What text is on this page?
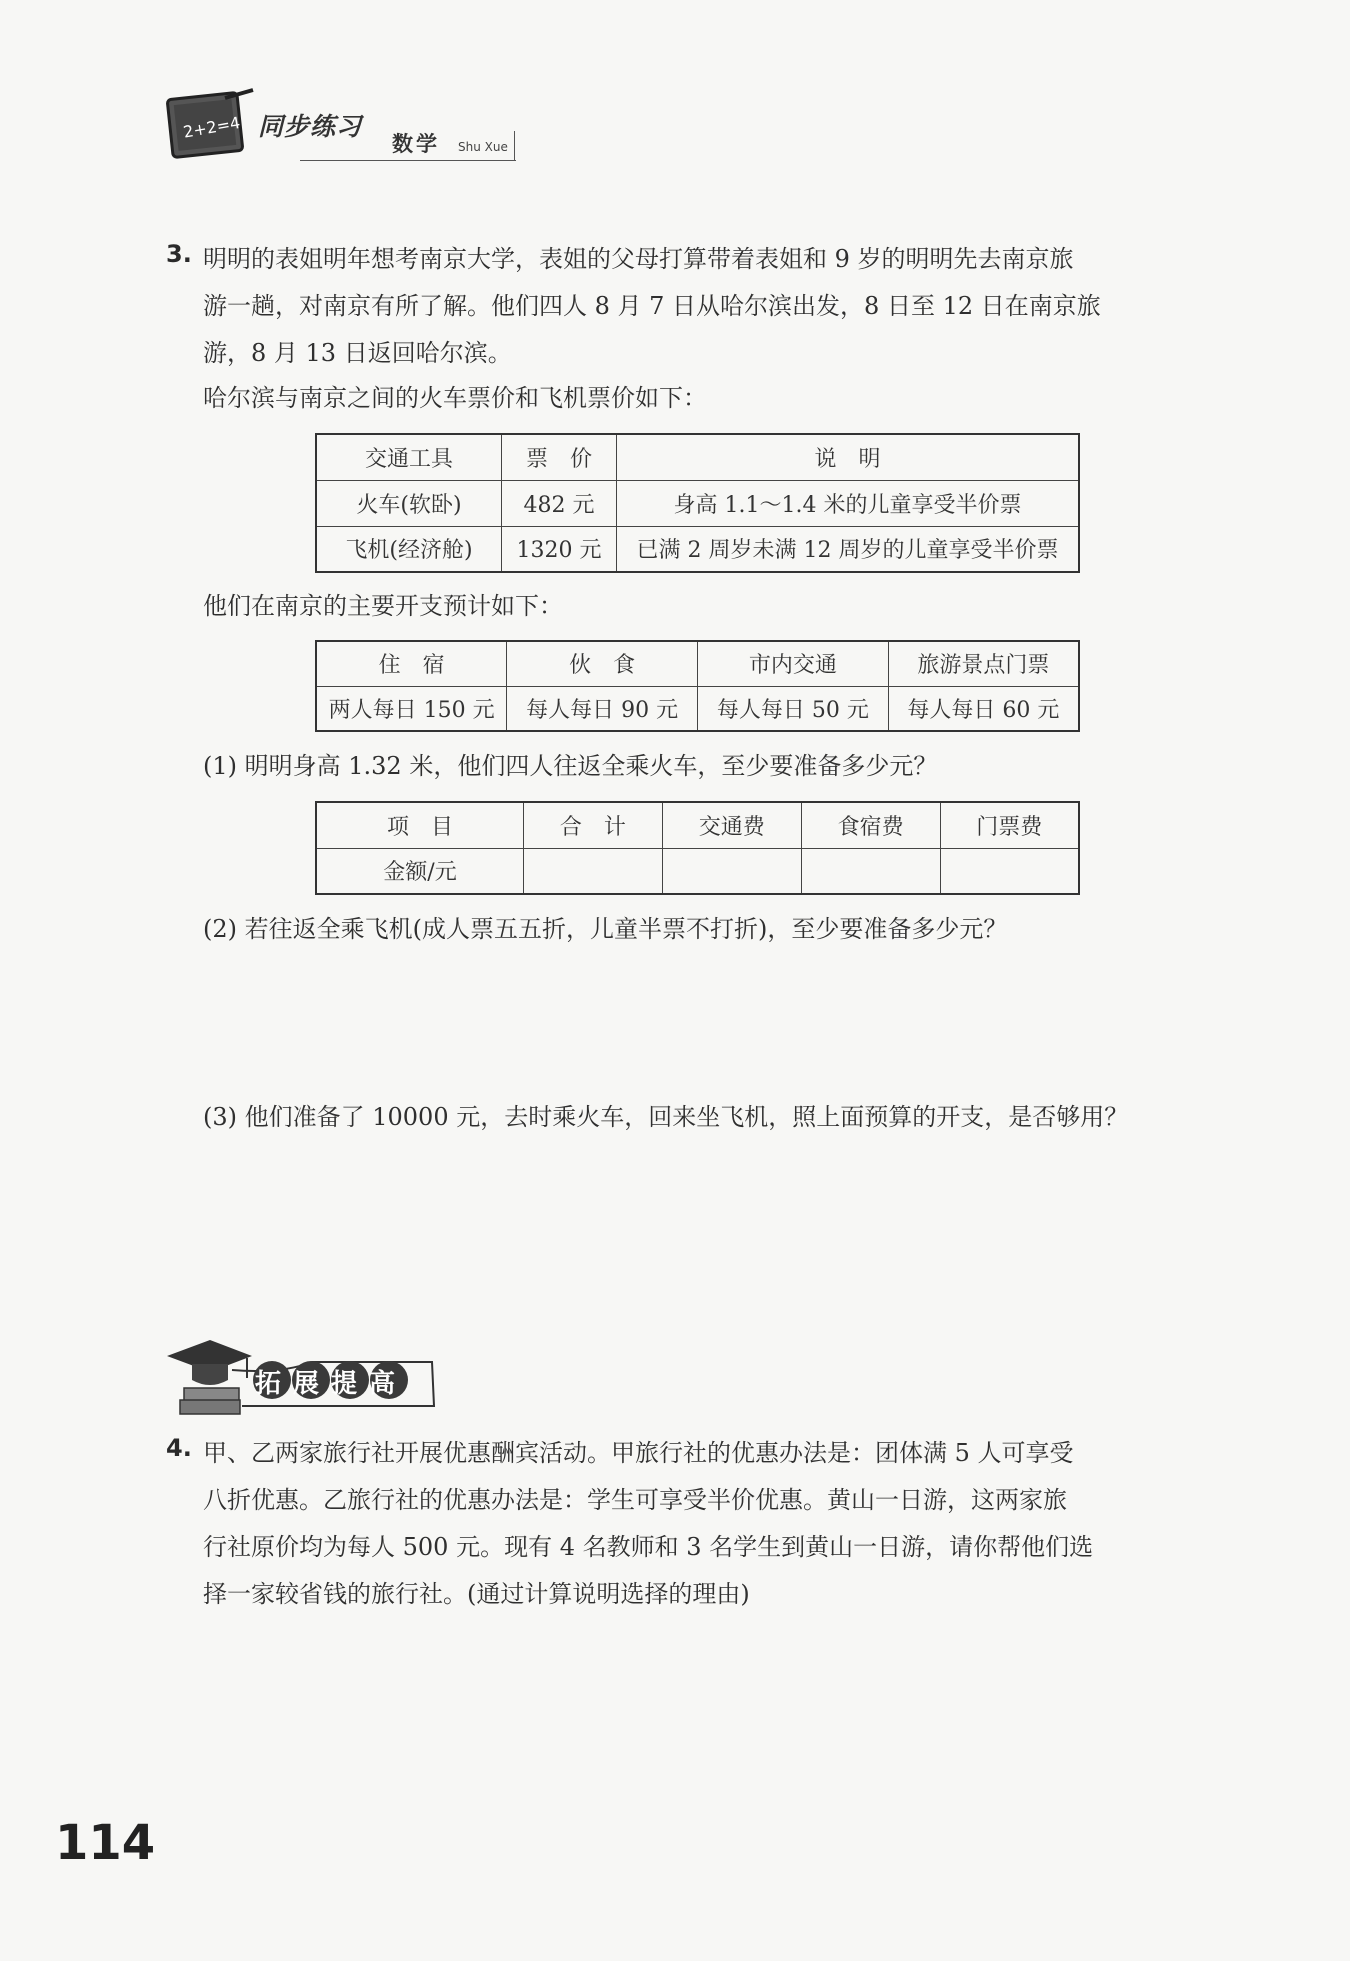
2+2=4 同步练习
数学 Shu Xue
3. 明明的表姐明年想考南京大学，表姐的父母打算带着表姐和 9 岁的明明先去南京旅
游一趟，对南京有所了解。他们四人 8 月 7 日从哈尔滨出发，8 日至 12 日在南京旅
游，8 月 13 日返回哈尔滨。
哈尔滨与南京之间的火车票价和飞机票价如下：
交通工具	票　价	说　明
火车(软卧)	482 元	身高 1.1～1.4 米的儿童享受半价票
飞机(经济舱)	1320 元	已满 2 周岁未满 12 周岁的儿童享受半价票
他们在南京的主要开支预计如下：
住　宿	伙　食	市内交通	旅游景点门票
两人每日 150 元	每人每日 90 元	每人每日 50 元	每人每日 60 元
(1) 明明身高 1.32 米，他们四人往返全乘火车，至少要准备多少元？
项　目	合　计	交通费	食宿费	门票费
金额/元				
(2) 若往返全乘飞机(成人票五五折，儿童半票不打折)，至少要准备多少元？
(3) 他们准备了 10000 元，去时乘火车，回来坐飞机，照上面预算的开支，是否够用？
拓展提高
4. 甲、乙两家旅行社开展优惠酬宾活动。甲旅行社的优惠办法是：团体满 5 人可享受
八折优惠。乙旅行社的优惠办法是：学生可享受半价优惠。黄山一日游，这两家旅
行社原价均为每人 500 元。现有 4 名教师和 3 名学生到黄山一日游，请你帮他们选
择一家较省钱的旅行社。(通过计算说明选择的理由)
114
